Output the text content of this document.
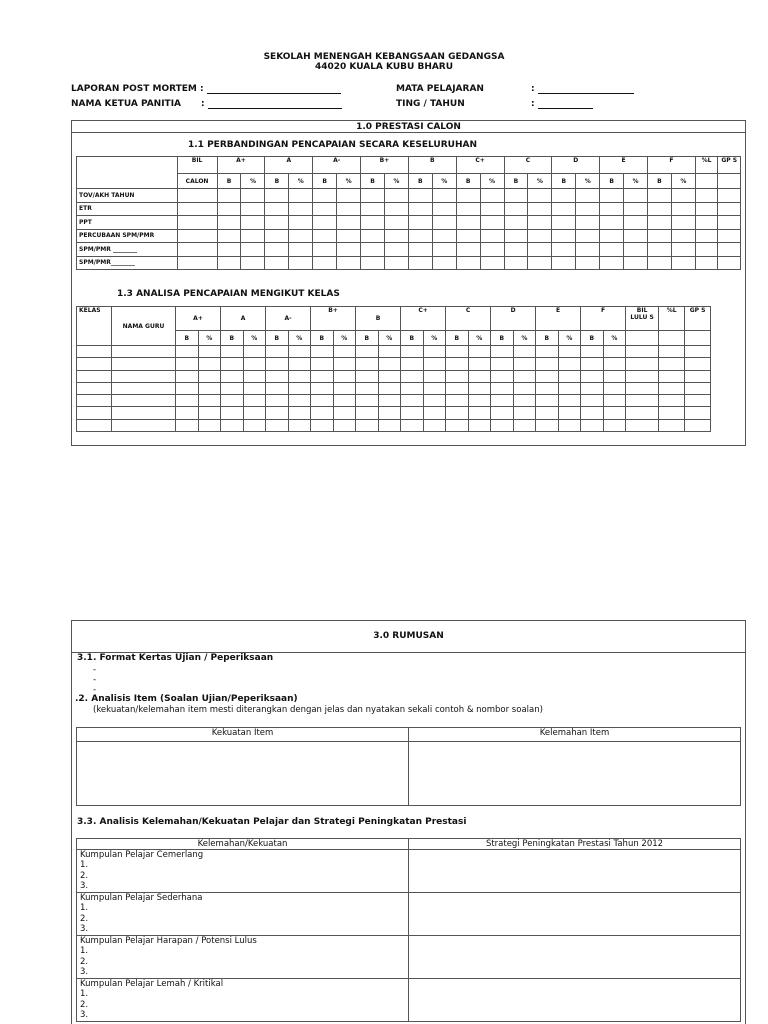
SEKOLAH MENENGAH KEBANGSAAN GEDANGSA
44020 KUALA KUBU BHARU
LAPORAN POST MORTEM :
NAMA KETUA PANITIA	:
MATA PELAJARAN	:
TING / TAHUN	:
1.0 PRESTASI CALON
1.1 PERBANDINGAN PENCAPAIAN SECARA KESELURUHAN
	BIL	A+		A		A-		B+		B		C+		C		D		E		F		%L	GP S
	CALON	B	%	B	%	B	%	B	%	B	%	B	%	B	%	B	%	B	%	B	%		
TOV/AKH TAHUN																							
ETR																							
PPT																							
PERCUBAAN SPM/PMR																							
SPM/PMR ________																							
SPM/PMR________																							
1.3 ANALISA PENCAPAIAN MENGIKUT KELAS
KELAS	NAMA GURU	A+		A		A-		B+		B		C+		C		D		E		F		BIL LULU S	%L	GP S
		B	%	B	%	B	%	B	%	B	%	B	%	B	%	B	%	B	%	B	%			

3.0 RUMUSAN
3.1. Format Kertas Ujian / Peperiksaan
-
-
-
.2. Analisis Item (Soalan Ujian/Peperiksaan)
(kekuatan/kelemahan item mesti diterangkan dengan jelas dan nyatakan sekali contoh & nombor soalan)
Kekuatan Item	Kelemahan Item

3.3. Analisis Kelemahan/Kekuatan Pelajar dan Strategi Peningkatan Prestasi
Kelemahan/Kekuatan	Strategi Peningkatan Prestasi Tahun 2012

Kumpulan Pelajar Cemerlang
1.
2.
3.	

Kumpulan Pelajar Sederhana
1.
2.
3.	

Kumpulan Pelajar Harapan / Potensi Lulus
1.
2.
3.	

Kumpulan Pelajar Lemah / Kritikal
1.
2.
3.	
